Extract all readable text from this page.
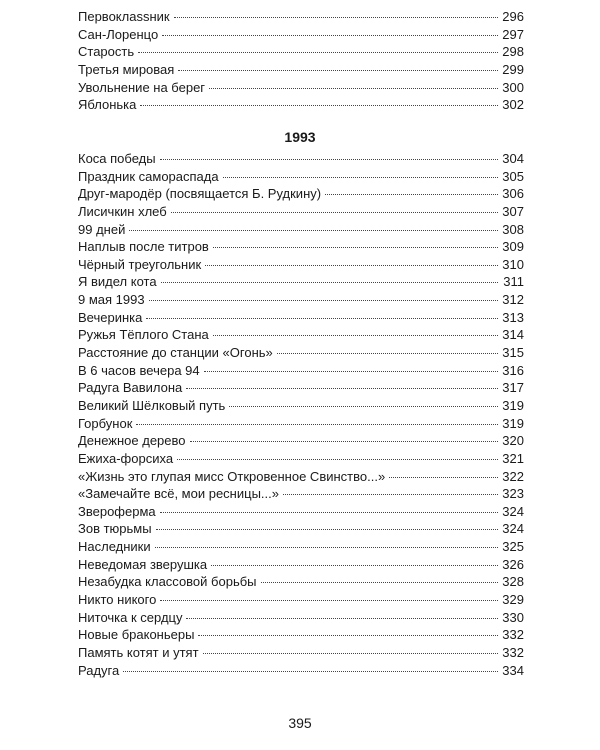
Первоклаѕѕник	296
Сан-Лоренцо	297
Старость	298
Третья мировая	299
Увольнение на берег	300
Яблонька	302
1993
Коса победы	304
Праздник самораспада	305
Друг-мародёр (посвящается Б. Рудкину)	306
Лисичкин хлеб	307
99 дней	308
Наплыв после титров	309
Чёрный треугольник	310
Я видел кота	311
9 мая 1993	312
Вечеринка	313
Ружья Тёплого Стана	314
Расстояние до станции «Огонь»	315
В 6 часов вечера 94	316
Радуга Вавилона	317
Великий Шёлковый путь	319
Горбунок	319
Денежное дерево	320
Ежиха-форсиха	321
«Жизнь это глупая мисс Откровенное Свинство...»	322
«Замечайте всё, мои ресницы...»	323
Звероферма	324
Зов тюрьмы	324
Наследники	325
Неведомая зверушка	326
Незабудка классовой борьбы	328
Никто никого	329
Ниточка к сердцу	330
Новые браконьеры	332
Память котят и утят	332
Радуга	334
395
